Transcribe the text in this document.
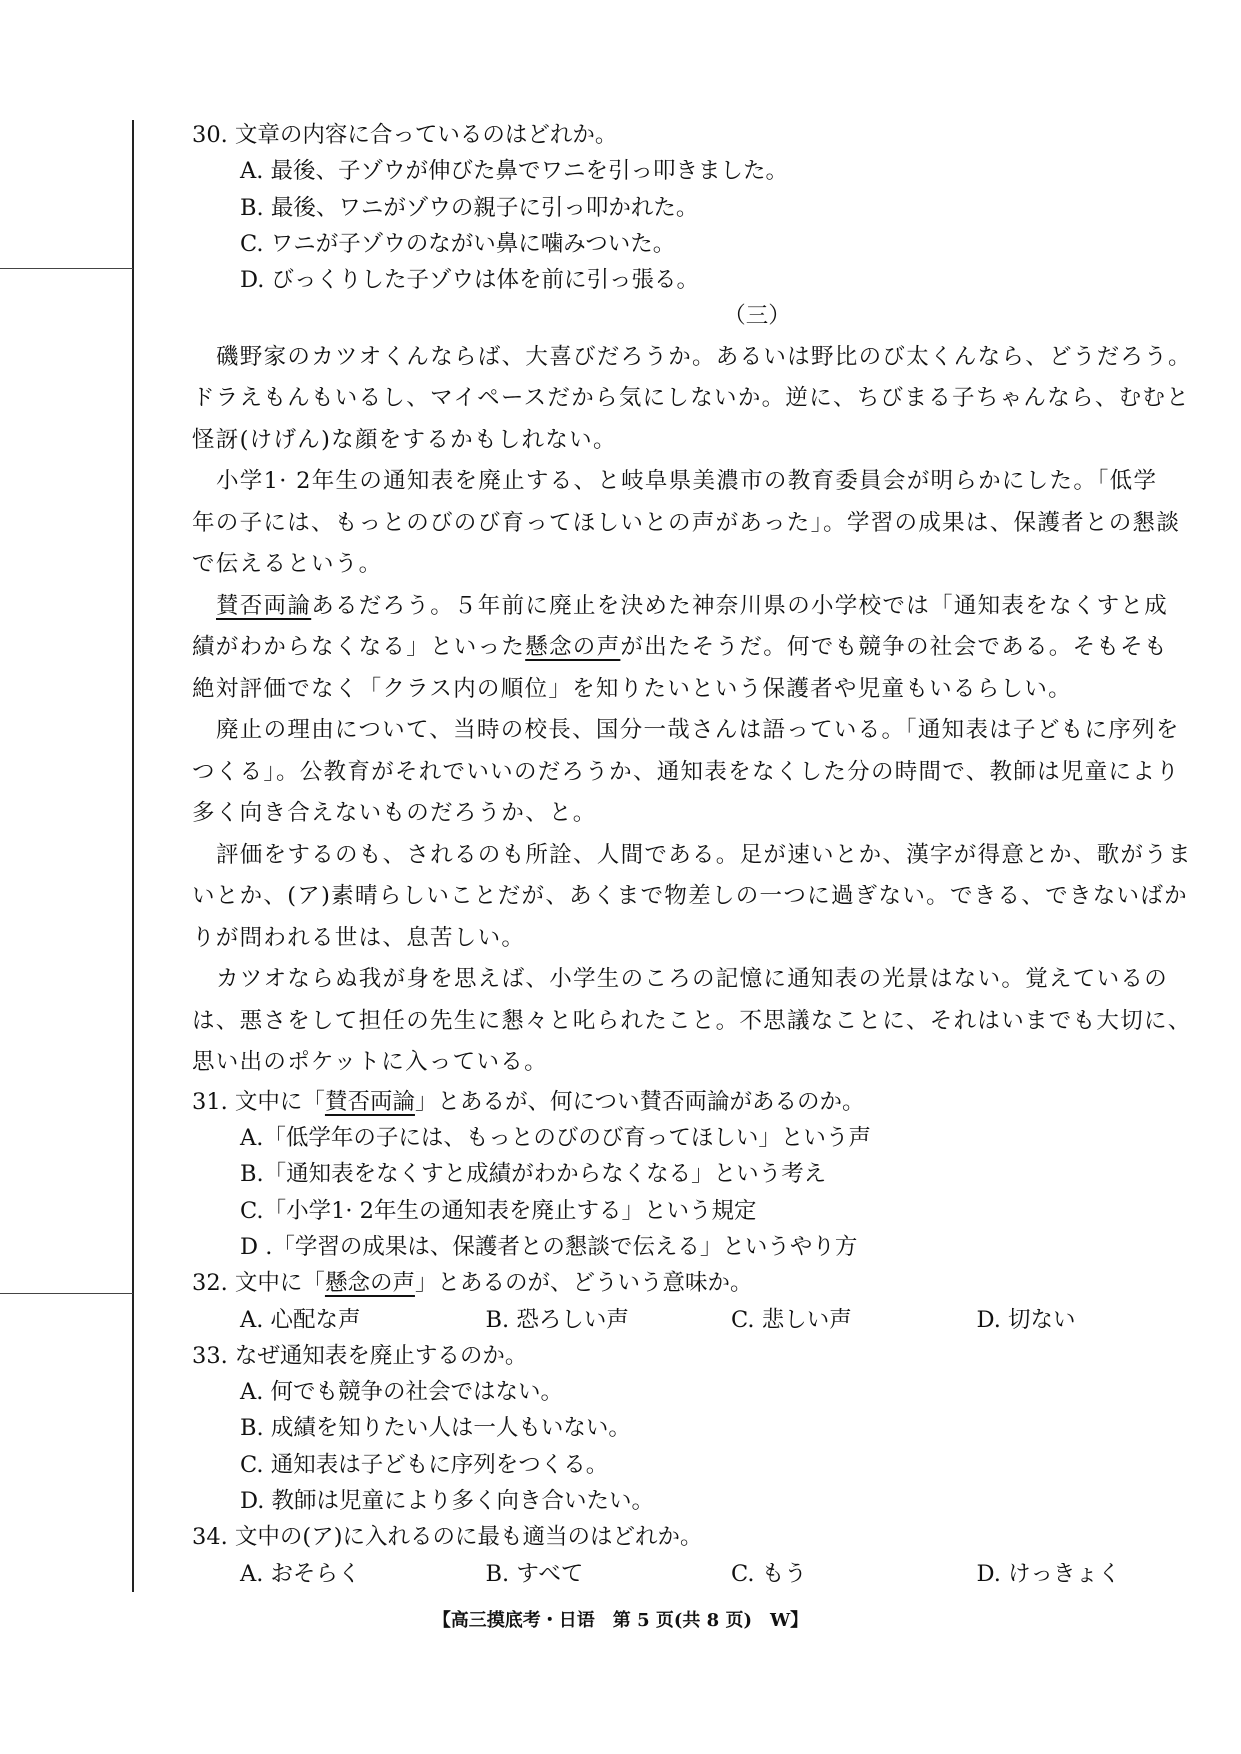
30. 文章の内容に合っているのはどれか。
A. 最後、子ゾウが伸びた鼻でワニを引っ叩きました。
B. 最後、ワニがゾウの親子に引っ叩かれた。
C. ワニが子ゾウのながい鼻に噛みついた。
D. びっくりした子ゾウは体を前に引っ張る。
（三）
磯野家のカツオくんならば、大喜びだろうか。あるいは野比のび太くんなら、どうだろう。
ドラえもんもいるし、マイペースだから気にしないか。逆に、ちびまる子ちゃんなら、むむと
怪訝(けげん)な顔をするかもしれない。
小学1· 2年生の通知表を廃止する、と岐阜県美濃市の教育委員会が明らかにした。「低学
年の子には、もっとのびのび育ってほしいとの声があった」。学習の成果は、保護者との懇談
で伝えるという。
賛否両論あるだろう。５年前に廃止を決めた神奈川県の小学校では「通知表をなくすと成
績がわからなくなる」といった懸念の声が出たそうだ。何でも競争の社会である。そもそも
絶対評価でなく「クラス内の順位」を知りたいという保護者や児童もいるらしい。
廃止の理由について、当時の校長、国分一哉さんは語っている。「通知表は子どもに序列を
つくる」。公教育がそれでいいのだろうか、通知表をなくした分の時間で、教師は児童により
多く向き合えないものだろうか、と。
評価をするのも、されるのも所詮、人間である。足が速いとか、漢字が得意とか、歌がうま
いとか、(ア)素晴らしいことだが、あくまで物差しの一つに過ぎない。できる、できないばか
りが問われる世は、息苦しい。
カツオならぬ我が身を思えば、小学生のころの記憶に通知表の光景はない。覚えているの
は、悪さをして担任の先生に懇々と叱られたこと。不思議なことに、それはいまでも大切に、
思い出のポケットに入っている。
31. 文中に「賛否両論」とあるが、何につい賛否両論があるのか。
A.「低学年の子には、もっとのびのび育ってほしい」という声
B.「通知表をなくすと成績がわからなくなる」という考え
C.「小学1· 2年生の通知表を廃止する」という規定
D .「学習の成果は、保護者との懇談で伝える」というやり方
32. 文中に「懸念の声」とあるのが、どういう意味か。
A. 心配な声	B. 恐ろしい声	C. 悲しい声	D. 切ない
33. なぜ通知表を廃止するのか。
A. 何でも競争の社会ではない。
B. 成績を知りたい人は一人もいない。
C. 通知表は子どもに序列をつくる。
D. 教師は児童により多く向き合いたい。
34. 文中の(ア)に入れるのに最も適当のはどれか。
A. おそらく	B. すべて	C. もう	D. けっきょく
【高三摸底考・日语　第 5 页(共 8 页)　W】
